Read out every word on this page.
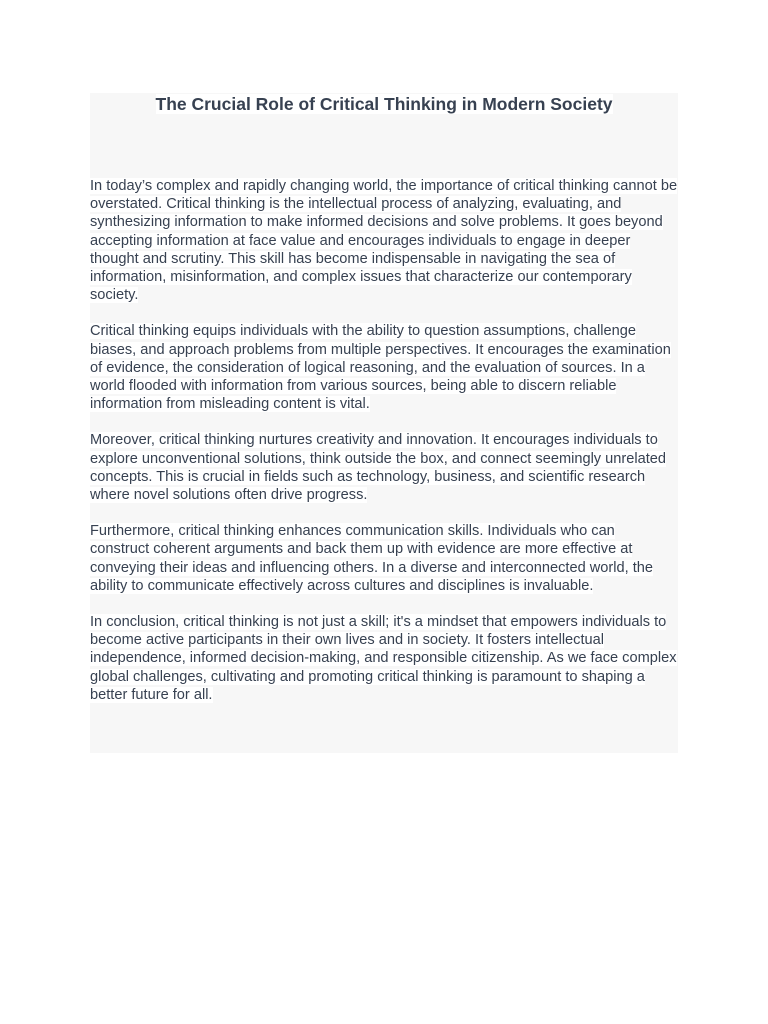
The Crucial Role of Critical Thinking in Modern Society

In today’s complex and rapidly changing world, the importance of critical thinking cannot be overstated. Critical thinking is the intellectual process of analyzing, evaluating, and synthesizing information to make informed decisions and solve problems. It goes beyond accepting information at face value and encourages individuals to engage in deeper thought and scrutiny. This skill has become indispensable in navigating the sea of information, misinformation, and complex issues that characterize our contemporary society.

Critical thinking equips individuals with the ability to question assumptions, challenge biases, and approach problems from multiple perspectives. It encourages the examination of evidence, the consideration of logical reasoning, and the evaluation of sources. In a world flooded with information from various sources, being able to discern reliable information from misleading content is vital.

Moreover, critical thinking nurtures creativity and innovation. It encourages individuals to explore unconventional solutions, think outside the box, and connect seemingly unrelated concepts. This is crucial in fields such as technology, business, and scientific research where novel solutions often drive progress.

Furthermore, critical thinking enhances communication skills. Individuals who can construct coherent arguments and back them up with evidence are more effective at conveying their ideas and influencing others. In a diverse and interconnected world, the ability to communicate effectively across cultures and disciplines is invaluable.

In conclusion, critical thinking is not just a skill; it's a mindset that empowers individuals to become active participants in their own lives and in society. It fosters intellectual independence, informed decision-making, and responsible citizenship. As we face complex global challenges, cultivating and promoting critical thinking is paramount to shaping a better future for all.
